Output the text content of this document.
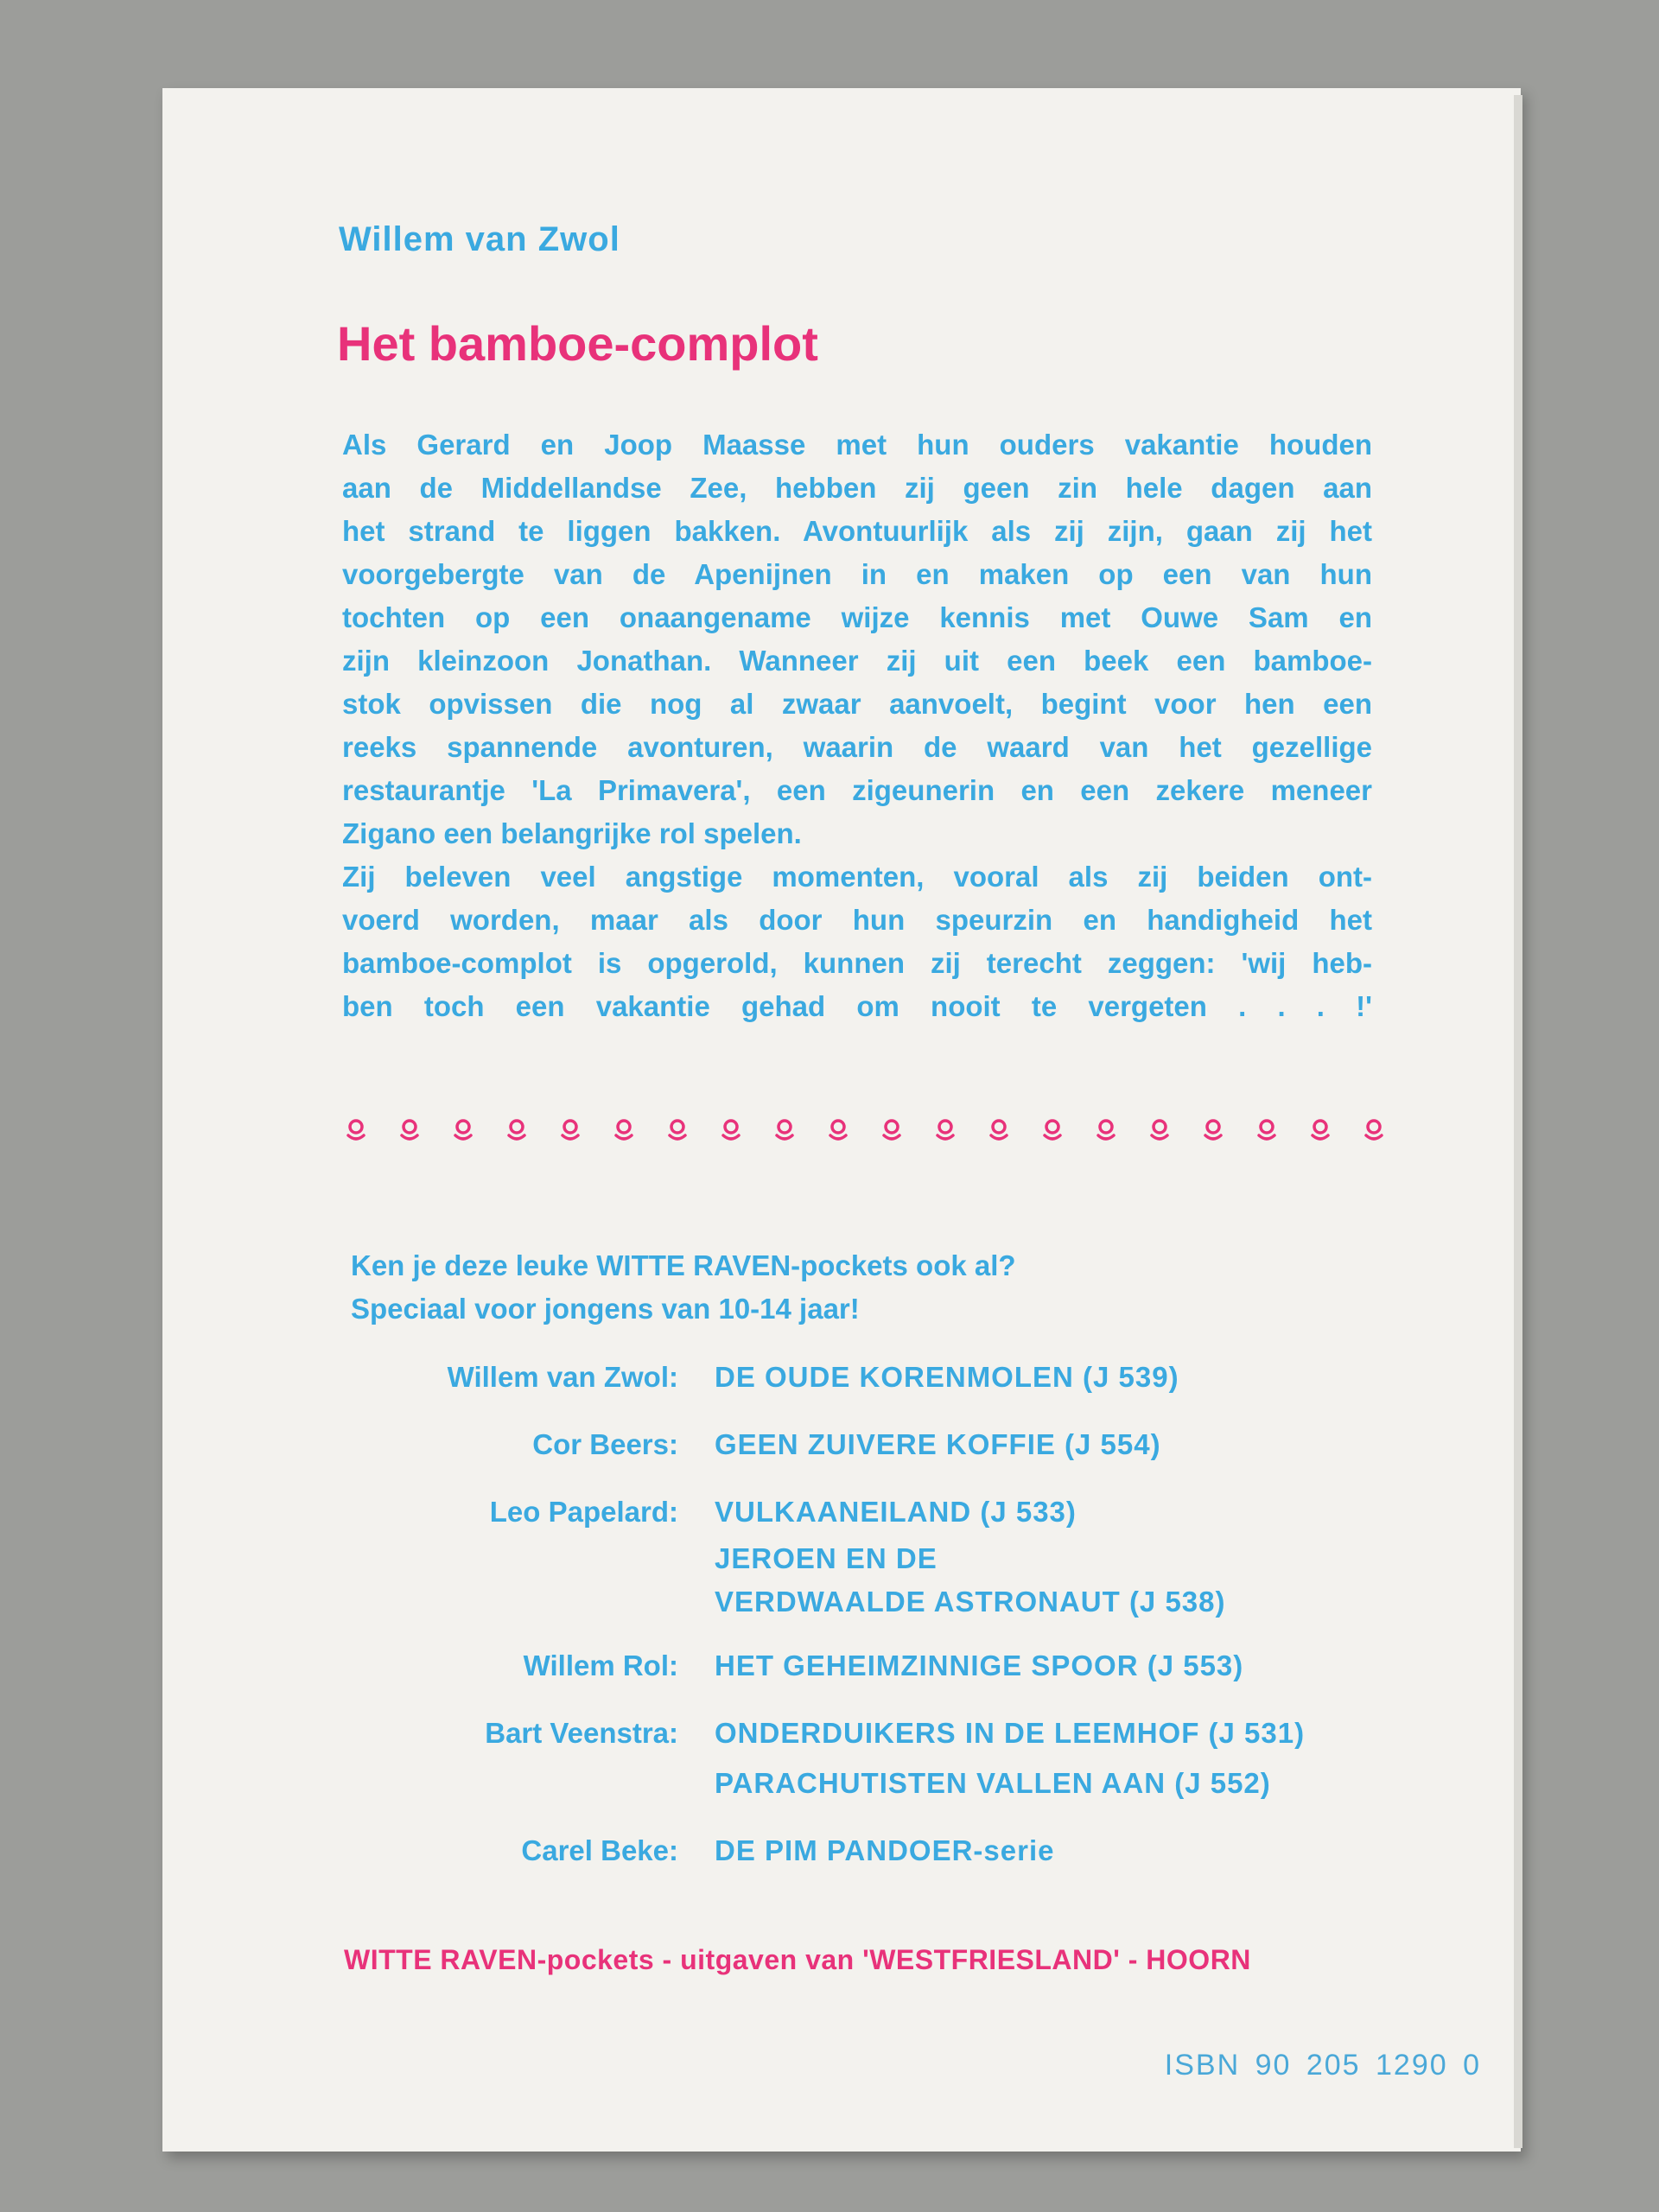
Willem van Zwol
Het bamboe-complot
Als Gerard en Joop Maasse met hun ouders vakantie houden
aan de Middellandse Zee, hebben zij geen zin hele dagen aan
het strand te liggen bakken. Avontuurlijk als zij zijn, gaan zij het
voorgebergte van de Apenijnen in en maken op een van hun
tochten op een onaangename wijze kennis met Ouwe Sam en
zijn kleinzoon Jonathan. Wanneer zij uit een beek een bamboe-
stok opvissen die nog al zwaar aanvoelt, begint voor hen een
reeks spannende avonturen, waarin de waard van het gezellige
restaurantje 'La Primavera', een zigeunerin en een zekere meneer
Zigano een belangrijke rol spelen.
Zij beleven veel angstige momenten, vooral als zij beiden ont-
voerd worden, maar als door hun speurzin en handigheid het
bamboe-complot is opgerold, kunnen zij terecht zeggen: 'wij heb-
ben toch een vakantie gehad om nooit te vergeten . . . !'
Ken je deze leuke WITTE RAVEN-pockets ook al?
Speciaal voor jongens van 10-14 jaar!
Willem van Zwol: DE OUDE KORENMOLEN (J 539)
Cor Beers: GEEN ZUIVERE KOFFIE (J 554)
Leo Papelard: VULKAANEILAND (J 533)
JEROEN EN DE
VERDWAALDE ASTRONAUT (J 538)
Willem Rol: HET GEHEIMZINNIGE SPOOR (J 553)
Bart Veenstra: ONDERDUIKERS IN DE LEEMHOF (J 531)
PARACHUTISTEN VALLEN AAN (J 552)
Carel Beke: DE PIM PANDOER-serie
WITTE RAVEN-pockets - uitgaven van 'WESTFRIESLAND' - HOORN
ISBN 90 205 1290 0
